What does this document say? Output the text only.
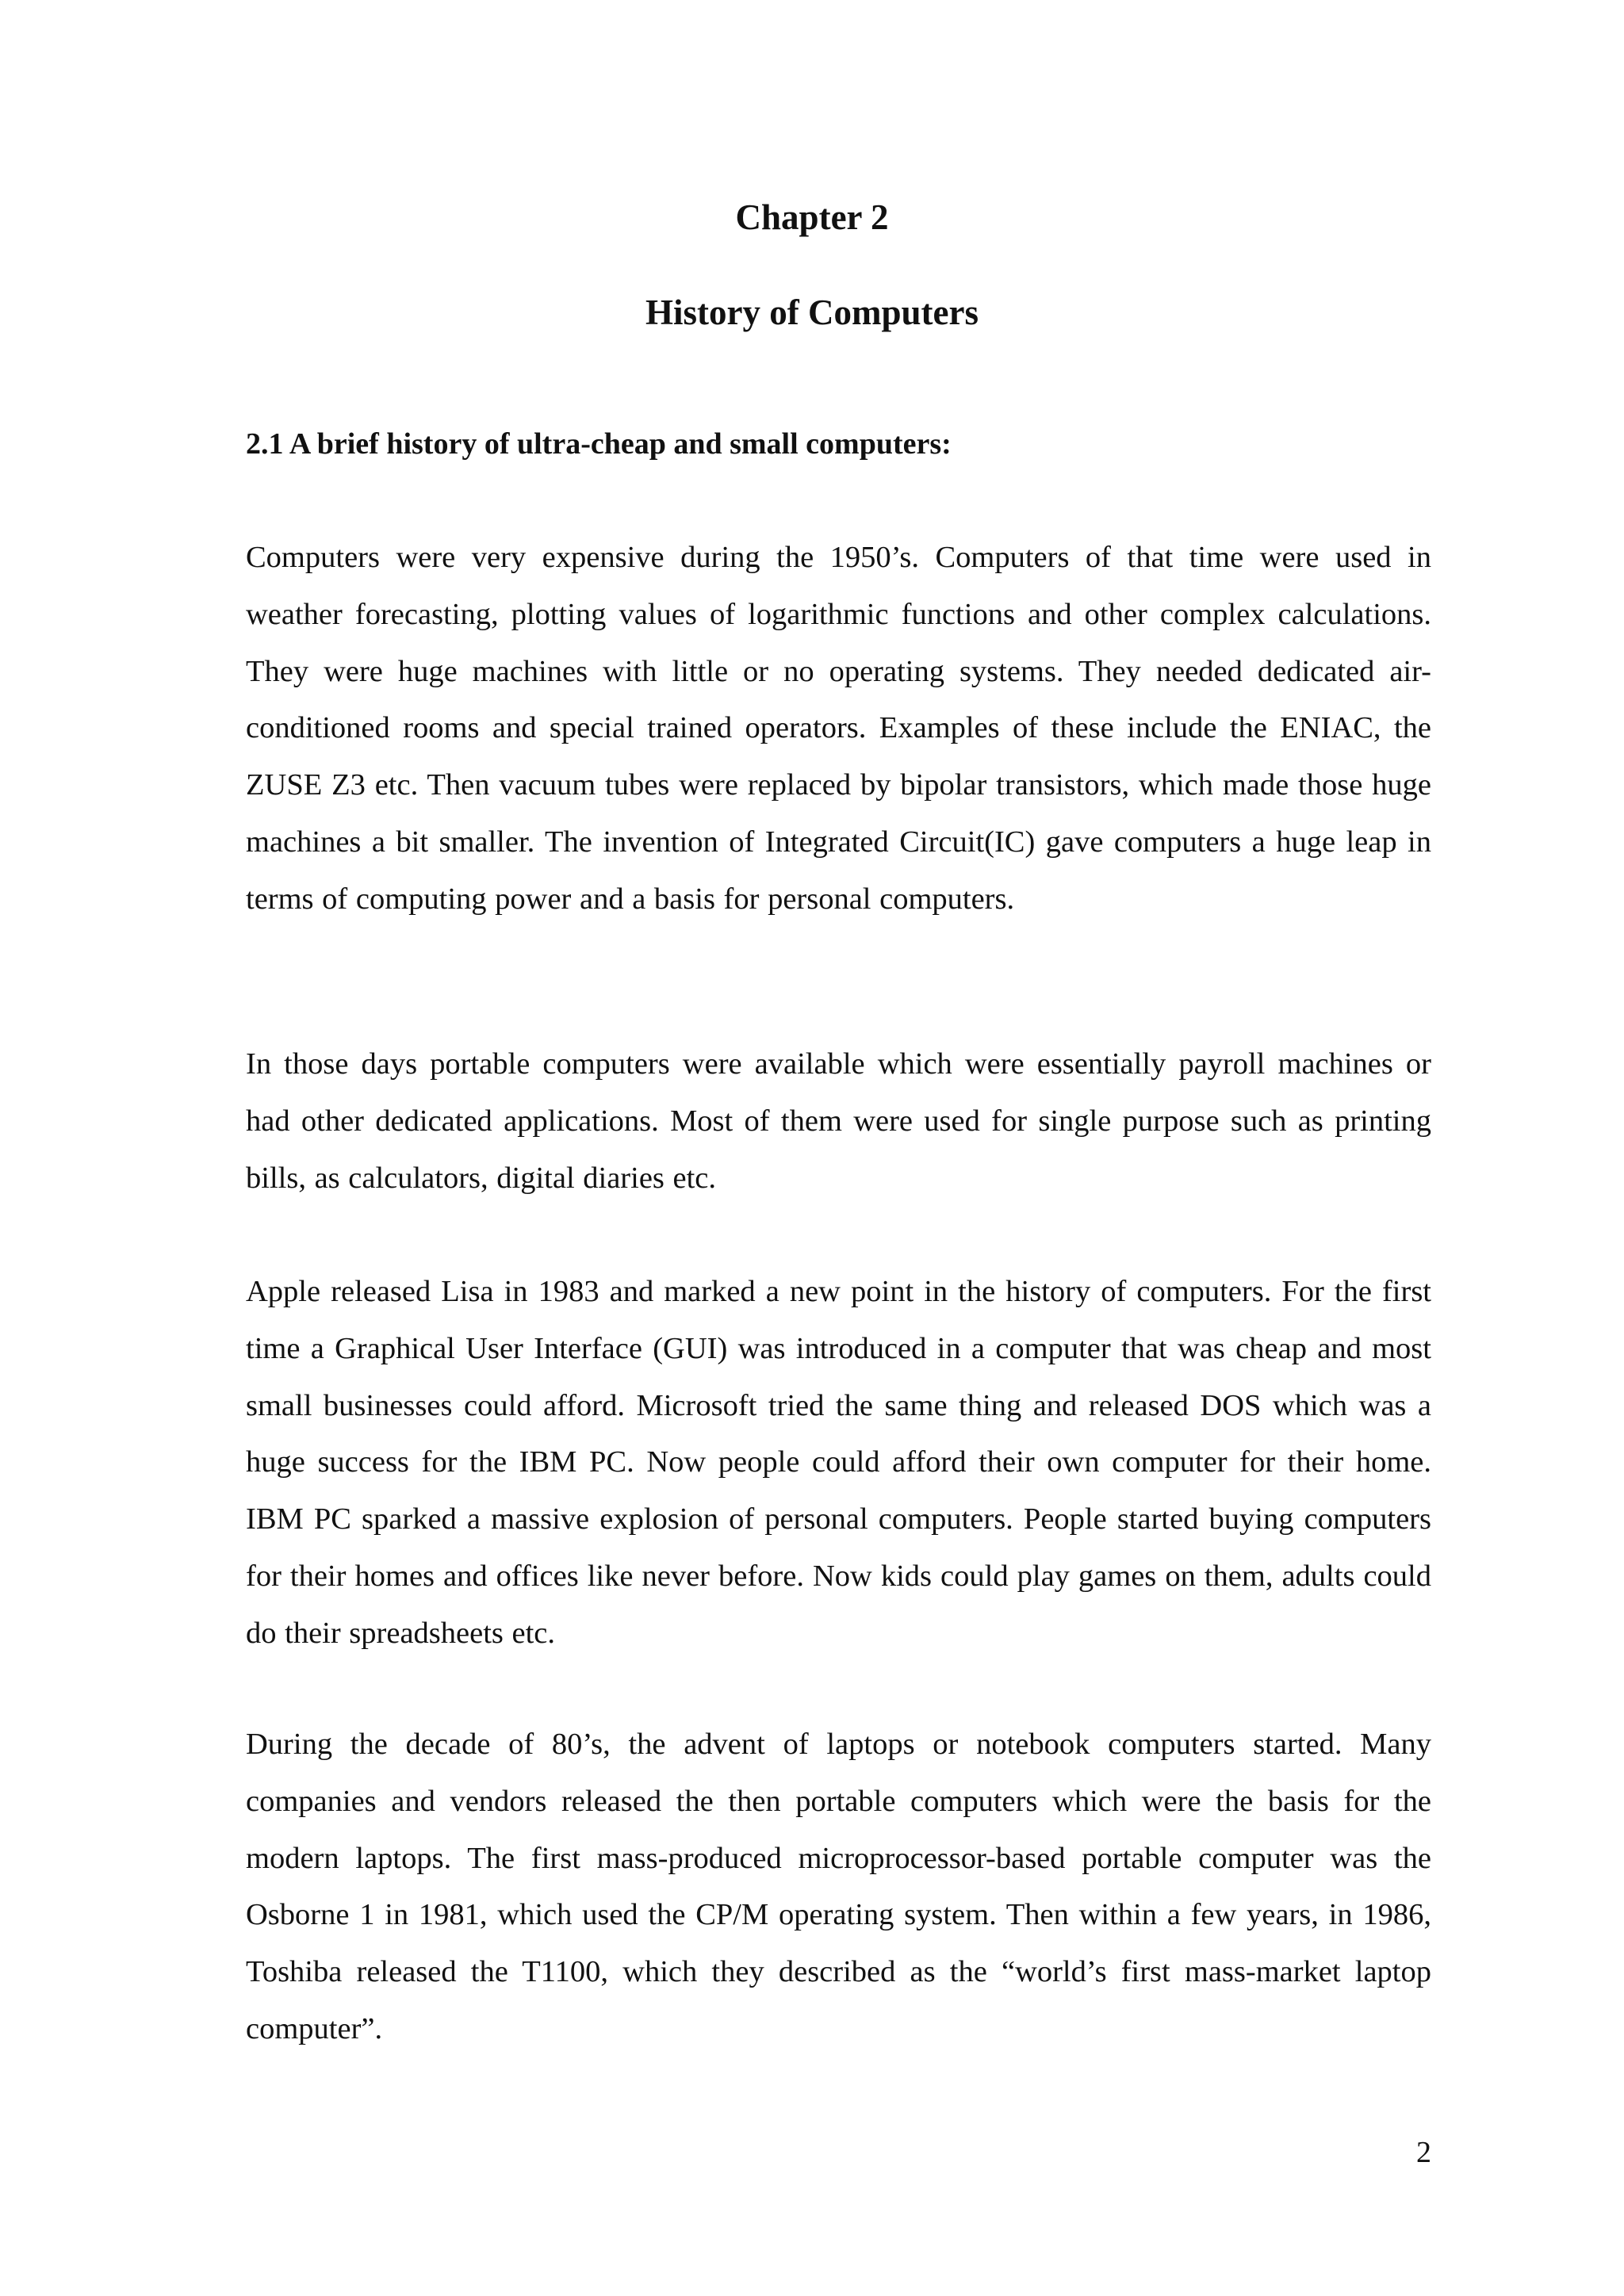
Chapter 2
History of Computers
2.1 A brief history of ultra-cheap and small computers:

Computers were very expensive during the 1950’s. Computers of that time were used in weather forecasting, plotting values of logarithmic functions and other complex calculations. They were huge machines with little or no operating systems. They needed dedicated air-conditioned rooms and special trained operators. Examples of these include the ENIAC, the ZUSE Z3 etc. Then vacuum tubes were replaced by bipolar transistors, which made those huge machines a bit smaller. The invention of Integrated Circuit(IC) gave computers a huge leap in terms of computing power and a basis for personal computers.

In those days portable computers were available which were essentially payroll machines or had other dedicated applications. Most of them were used for single purpose such as printing bills, as calculators, digital diaries etc.

Apple released Lisa in 1983 and marked a new point in the history of computers. For the first time a Graphical User Interface (GUI) was introduced in a computer that was cheap and most small businesses could afford. Microsoft tried the same thing and released DOS which was a huge success for the IBM PC. Now people could afford their own computer for their home. IBM PC sparked a massive explosion of personal computers. People started buying computers for their homes and offices like never before. Now kids could play games on them, adults could do their spreadsheets etc.

During the decade of 80’s, the advent of laptops or notebook computers started. Many companies and vendors released the then portable computers which were the basis for the modern laptops. The first mass-produced microprocessor-based portable computer was the Osborne 1 in 1981, which used the CP/M operating system. Then within a few years, in 1986, Toshiba released the T1100, which they described as the “world’s first mass-market laptop computer”.

2
